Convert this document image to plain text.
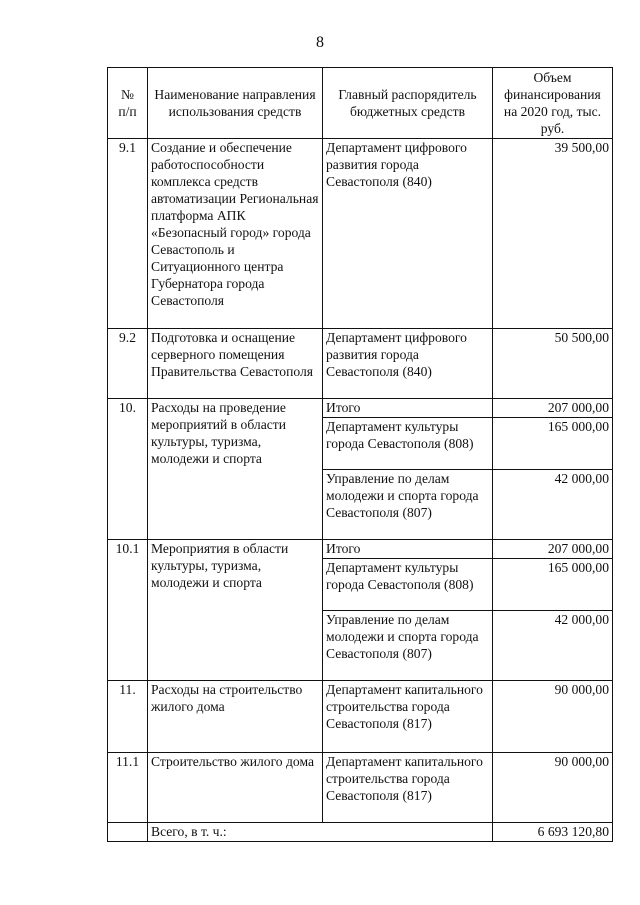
8
№
п/п	Наименование направления использования средств	Главный распорядитель бюджетных средств	Объем финансирования на 2020 год, тыс. руб.
9.1	Создание и обеспечение работоспособности комплекса средств автоматизации Региональная платформа АПК «Безопасный город» города Севастополь и Ситуационного центра Губернатора города Севастополя	Департамент цифрового развития города Севастополя (840)	39 500,00
9.2	Подготовка и оснащение серверного помещения Правительства Севастополя	Департамент цифрового развития города Севастополя (840)	50 500,00
10.	Расходы на проведение мероприятий в области культуры, туризма, молодежи и спорта	Итого	207 000,00
		Департамент культуры города Севастополя (808)	165 000,00
		Управление по делам молодежи и спорта города Севастополя (807)	42 000,00
10.1	Мероприятия в области культуры, туризма, молодежи и спорта	Итого	207 000,00
		Департамент культуры города Севастополя (808)	165 000,00
		Управление по делам молодежи и спорта города Севастополя (807)	42 000,00
11.	Расходы на строительство жилого дома	Департамент капитального строительства города Севастополя (817)	90 000,00
11.1	Строительство жилого дома	Департамент капитального строительства города Севастополя (817)	90 000,00
	Всего, в т. ч.:		6 693 120,80
